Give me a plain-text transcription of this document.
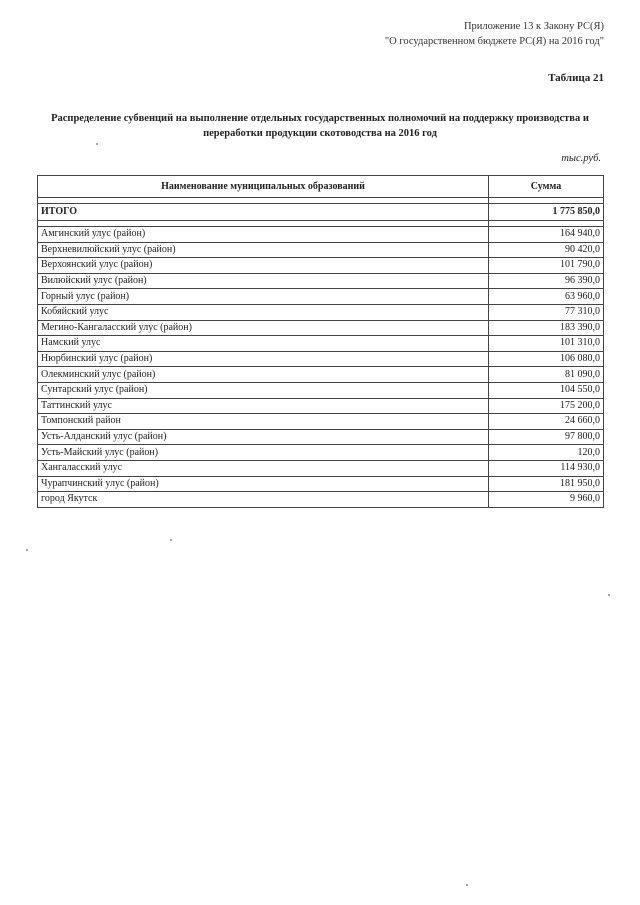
Приложение 13 к Закону РС(Я)
"О государственном бюджете РС(Я) на 2016 год"
Таблица 21
Распределение субвенций на выполнение отдельных государственных полномочий на поддержку производства и
переработки продукции скотоводства на 2016 год
тыс.руб.
Наименование муниципальных образований	Сумма

ИТОГО	1 775 850,0

Амгинский улус (район)	164 940,0
Верхневилюйский улус (район)	90 420,0
Верхоянский улус (район)	101 790,0
Вилюйский улус (район)	96 390,0
Горный улус (район)	63 960,0
Кобяйский улус	77 310,0
Мегино-Кангаласский улус (район)	183 390,0
Намский улус	101 310,0
Нюрбинский улус (район)	106 080,0
Олекминский улус (район)	81 090,0
Сунтарский улус (район)	104 550,0
Таттинский улус	175 200,0
Томпонский район	24 660,0
Усть-Алданский улус (район)	97 800,0
Усть-Майский улус (район)	120,0
Хангаласский улус	114 930,0
Чурапчинский улус (район)	181 950,0
город Якутск	9 960,0
